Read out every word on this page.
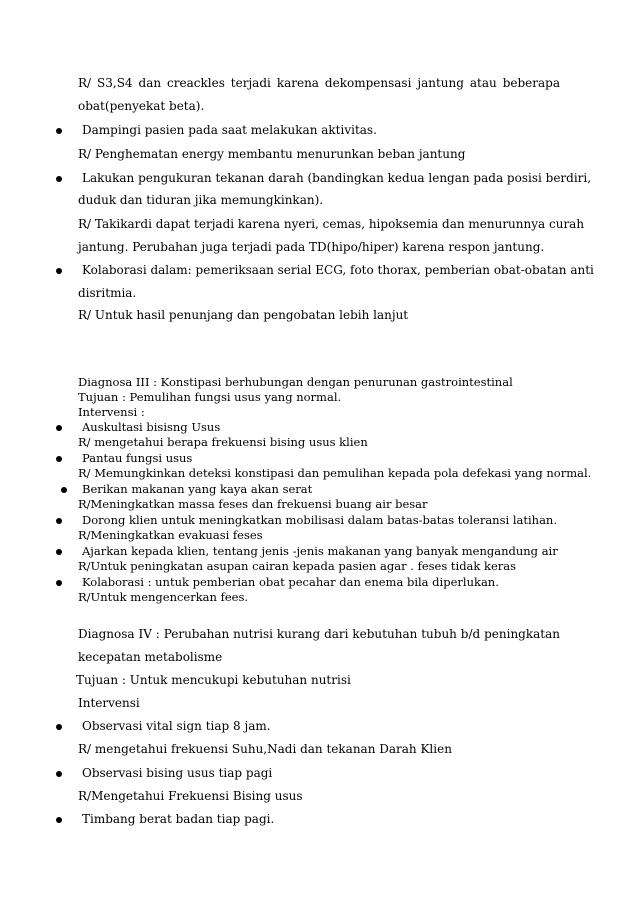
R/ S3,S4 dan creackles terjadi karena dekompensasi jantung atau beberapa
obat(penyekat beta).
Dampingi pasien pada saat melakukan aktivitas.
R/ Penghematan energy membantu menurunkan beban jantung
Lakukan pengukuran tekanan darah (bandingkan kedua lengan pada posisi berdiri,
duduk dan tiduran jika memungkinkan).
R/ Takikardi dapat terjadi karena nyeri, cemas, hipoksemia dan menurunnya curah
jantung. Perubahan juga terjadi pada TD(hipo/hiper) karena respon jantung.
Kolaborasi dalam: pemeriksaan serial ECG, foto thorax, pemberian obat-obatan anti
disritmia.
R/ Untuk hasil penunjang dan pengobatan lebih lanjut
Diagnosa III : Konstipasi berhubungan dengan penurunan gastrointestinal
Tujuan : Pemulihan fungsi usus yang normal.
Intervensi :
Auskultasi bisisng Usus
R/ mengetahui berapa frekuensi bising usus klien
Pantau fungsi usus
R/ Memungkinkan deteksi konstipasi dan pemulihan kepada pola defekasi yang normal.
Berikan makanan yang kaya akan serat
R/Meningkatkan massa feses dan frekuensi buang air besar
Dorong klien untuk meningkatkan mobilisasi dalam batas-batas toleransi latihan.
R/Meningkatkan evakuasi feses
Ajarkan kepada klien, tentang jenis -jenis makanan yang banyak mengandung air
R/Untuk peningkatan asupan cairan kepada pasien agar . feses tidak keras
Kolaborasi : untuk pemberian obat pecahar dan enema bila diperlukan.
R/Untuk mengencerkan fees.
Diagnosa IV : Perubahan nutrisi kurang dari kebutuhan tubuh b/d peningkatan
kecepatan metabolisme
Tujuan : Untuk mencukupi kebutuhan nutrisi
Intervensi
Observasi vital sign tiap 8 jam.
R/ mengetahui frekuensi Suhu,Nadi dan tekanan Darah Klien
Observasi bising usus tiap pagi
R/Mengetahui Frekuensi Bising usus
Timbang berat badan tiap pagi.
